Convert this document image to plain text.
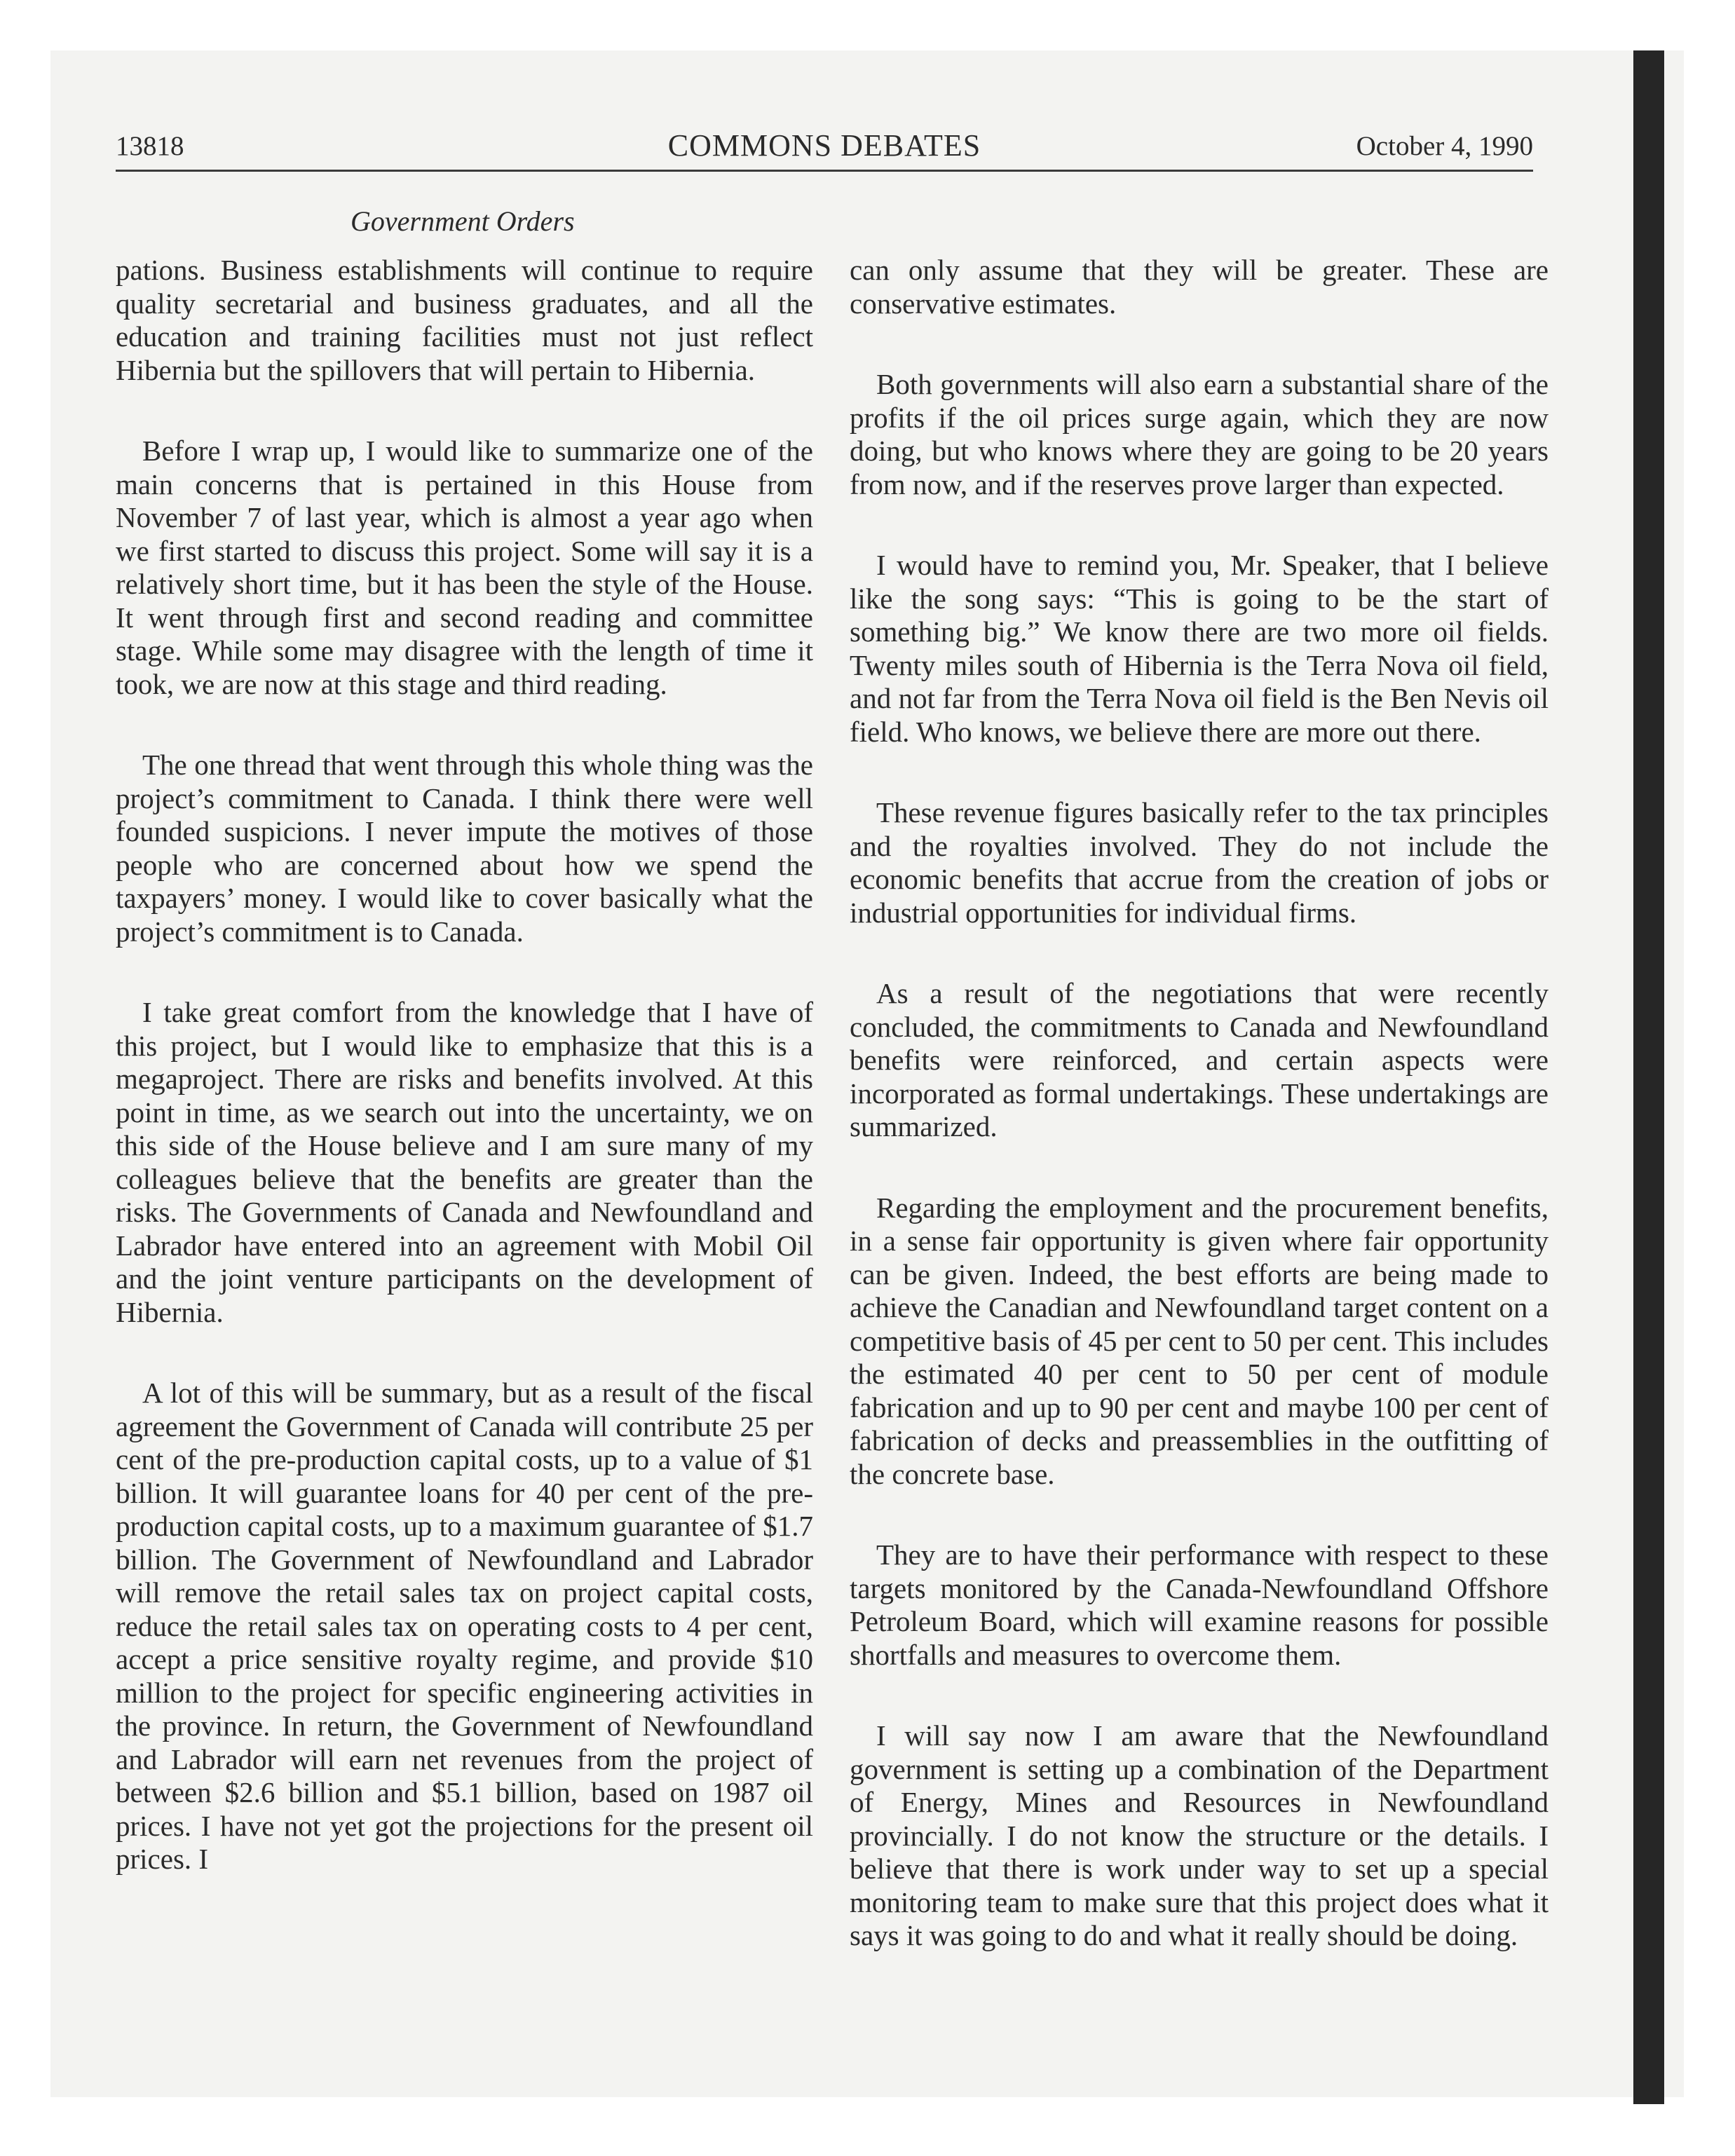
13818	COMMONS DEBATES	October 4, 1990
Government Orders

pations. Business establishments will continue to require quality secretarial and business graduates, and all the education and training facilities must not just reflect Hibernia but the spillovers that will pertain to Hibernia.

Before I wrap up, I would like to summarize one of the main concerns that is pertained in this House from November 7 of last year, which is almost a year ago when we first started to discuss this project. Some will say it is a relatively short time, but it has been the style of the House. It went through first and second reading and committee stage. While some may disagree with the length of time it took, we are now at this stage and third reading.

The one thread that went through this whole thing was the project’s commitment to Canada. I think there were well founded suspicions. I never impute the motives of those people who are concerned about how we spend the taxpayers’ money. I would like to cover basically what the project’s commitment is to Canada.

I take great comfort from the knowledge that I have of this project, but I would like to emphasize that this is a megaproject. There are risks and benefits involved. At this point in time, as we search out into the uncertainty, we on this side of the House believe and I am sure many of my colleagues believe that the benefits are greater than the risks. The Governments of Canada and Newfoundland and Labrador have entered into an agreement with Mobil Oil and the joint venture participants on the development of Hibernia.

A lot of this will be summary, but as a result of the fiscal agreement the Government of Canada will contribute 25 per cent of the pre-production capital costs, up to a value of $1 billion. It will guarantee loans for 40 per cent of the pre-production capital costs, up to a maximum guarantee of $1.7 billion. The Government of Newfoundland and Labrador will remove the retail sales tax on project capital costs, reduce the retail sales tax on operating costs to 4 per cent, accept a price sensitive royalty regime, and provide $10 million to the project for specific engineering activities in the province. In return, the Government of Newfoundland and Labrador will earn net revenues from the project of between $2.6 billion and $5.1 billion, based on 1987 oil prices. I have not yet got the projections for the present oil prices. I

can only assume that they will be greater. These are conservative estimates.

Both governments will also earn a substantial share of the profits if the oil prices surge again, which they are now doing, but who knows where they are going to be 20 years from now, and if the reserves prove larger than expected.

I would have to remind you, Mr. Speaker, that I believe like the song says: “This is going to be the start of something big.” We know there are two more oil fields. Twenty miles south of Hibernia is the Terra Nova oil field, and not far from the Terra Nova oil field is the Ben Nevis oil field. Who knows, we believe there are more out there.

These revenue figures basically refer to the tax principles and the royalties involved. They do not include the economic benefits that accrue from the creation of jobs or industrial opportunities for individual firms.

As a result of the negotiations that were recently concluded, the commitments to Canada and Newfoundland benefits were reinforced, and certain aspects were incorporated as formal undertakings. These undertakings are summarized.

Regarding the employment and the procurement benefits, in a sense fair opportunity is given where fair opportunity can be given. Indeed, the best efforts are being made to achieve the Canadian and Newfoundland target content on a competitive basis of 45 per cent to 50 per cent. This includes the estimated 40 per cent to 50 per cent of module fabrication and up to 90 per cent and maybe 100 per cent of fabrication of decks and preassemblies in the outfitting of the concrete base.

They are to have their performance with respect to these targets monitored by the Canada-Newfoundland Offshore Petroleum Board, which will examine reasons for possible shortfalls and measures to overcome them.

I will say now I am aware that the Newfoundland government is setting up a combination of the Department of Energy, Mines and Resources in Newfoundland provincially. I do not know the structure or the details. I believe that there is work under way to set up a special monitoring team to make sure that this project does what it says it was going to do and what it really should be doing.
